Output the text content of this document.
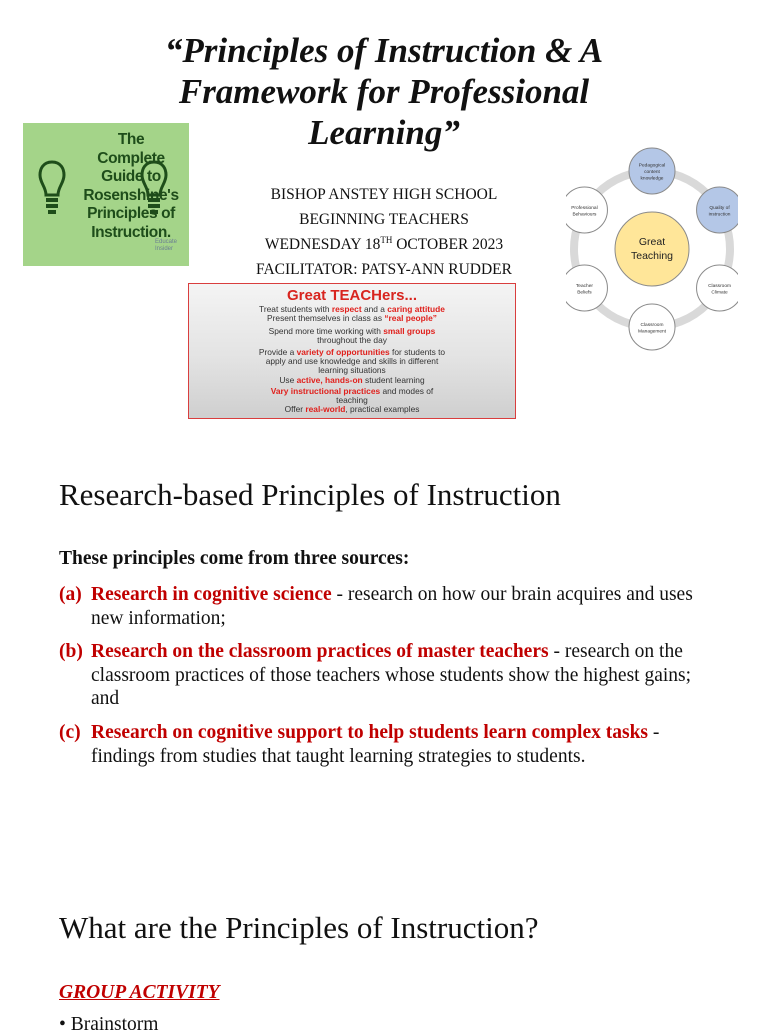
“Principles of Instruction & A Framework for Professional Learning”
The
Complete
Guide to
Rosenshine's
Principles of
Instruction.
Educate
Insider
BISHOP ANSTEY HIGH SCHOOL
BEGINNING TEACHERS
WEDNESDAY 18TH OCTOBER 2023
FACILITATOR: PATSY-ANN RUDDER
Great TEACHers...
Treat students with respect and a caring attitude
Present themselves in class as “real people”
Spend more time working with small groups
throughout the day
Provide a variety of opportunities for students to
apply and use knowledge and skills in different
learning situations
Use active, hands-on student learning
Vary instructional practices and modes of
teaching
Offer real-world, practical examples
Great
Teaching
Pedagogical
content
knowledge
Quality of
instruction
Classroom
Climate
Classroom
Management
Teacher
Beliefs
Professional
Behaviours
Research-based Principles of Instruction
These principles come from three sources:
(a) Research in cognitive science - research on how our brain acquires and uses new information;
(b) Research on the classroom practices of master teachers - research on the classroom practices of those teachers whose students show the highest gains; and
(c) Research on cognitive support to help students learn complex tasks - findings from studies that taught learning strategies to students.
What are the Principles of Instruction?
GROUP ACTIVITY
• Brainstorm
